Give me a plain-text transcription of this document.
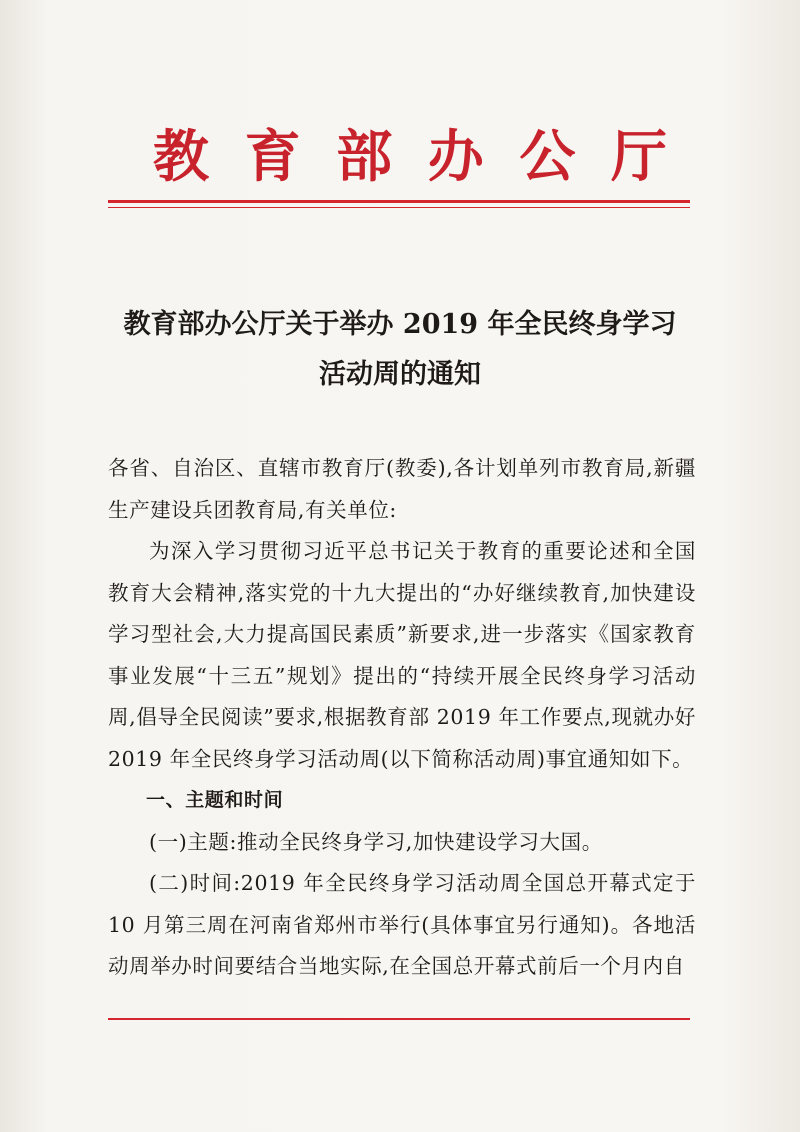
教 育 部 办 公 厅
教育部办公厅关于举办 2019 年全民终身学习
活动周的通知

各省、自治区、直辖市教育厅(教委),各计划单列市教育局,新疆生产建设兵团教育局,有关单位:

为深入学习贯彻习近平总书记关于教育的重要论述和全国教育大会精神,落实党的十九大提出的“办好继续教育,加快建设学习型社会,大力提高国民素质”新要求,进一步落实《国家教育事业发展“十三五”规划》提出的“持续开展全民终身学习活动周,倡导全民阅读”要求,根据教育部 2019 年工作要点,现就办好 2019 年全民终身学习活动周(以下简称活动周)事宜通知如下。

一、主题和时间

(一)主题:推动全民终身学习,加快建设学习大国。

(二)时间:2019 年全民终身学习活动周全国总开幕式定于 10 月第三周在河南省郑州市举行(具体事宜另行通知)。各地活动周举办时间要结合当地实际,在全国总开幕式前后一个月内自
